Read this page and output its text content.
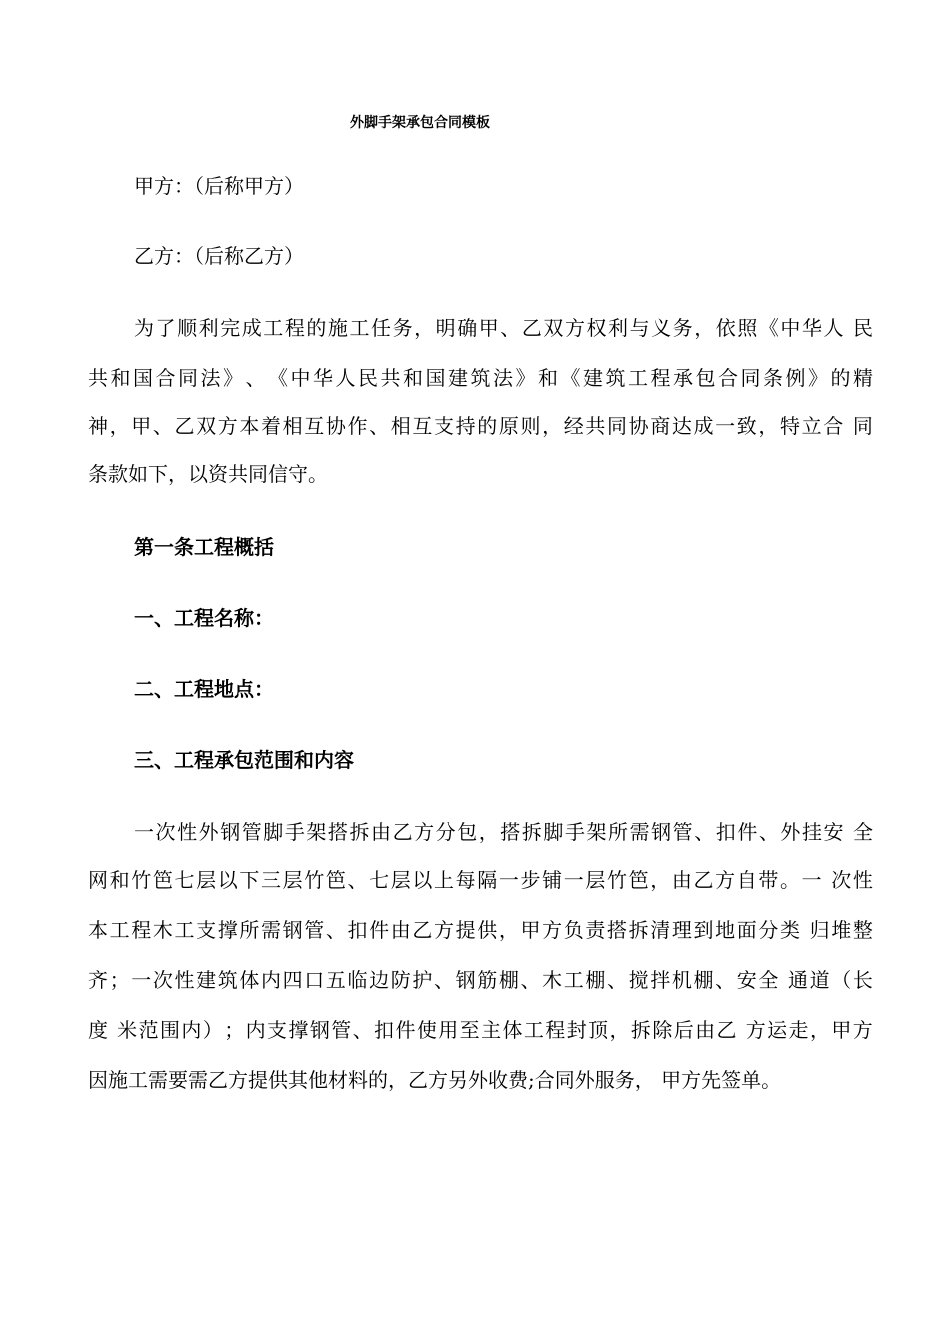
外脚手架承包合同模板
甲方：（后称甲方）
乙方：（后称乙方）
为 了 顺 利 完 成 工 程 的 施 工 任 务 ， 明 确 甲 、 乙 双 方 权 利 与 义 务 ， 依 照 《 中 华 人
民
共 和 国 合 同 法 》 、 《 中 华 人 民 共 和 国 建 筑 法 》 和 《 建 筑 工 程 承 包 合 同 条 例 》 的 精
神 ， 甲 、 乙 双 方 本 着 相 互 协 作 、 相 互 支 持 的 原 则 ， 经 共 同 协 商 达 成 一 致 ， 特 立 合
同
条款如下，以资共同信守。
第一条工程概括
一、工程名称：
二、工程地点：
三、工程承包范围和内容
一 次 性 外 钢 管 脚 手 架 搭 拆 由 乙 方 分 包 ， 搭 拆 脚 手 架 所 需 钢 管 、 扣 件 、 外 挂 安
全
网 和 竹 笆 七 层 以 下 三 层 竹 笆 、 七 层 以 上 每 隔 一 步 铺 一 层 竹 笆 ， 由 乙 方 自 带 。 一
次 性
本 工 程 木 工 支 撑 所 需 钢 管 、 扣 件 由 乙 方 提 供 ， 甲 方 负 责 搭 拆 清 理 到 地 面 分 类
归 堆 整
齐 ； 一 次 性 建 筑 体 内 四 口 五 临 边 防 护 、 钢 筋 棚 、 木 工 棚 、 搅 拌 机 棚 、 安 全
通 道 （ 长
度
米 范 围 内 ） ； 内 支 撑 钢 管 、 扣 件 使 用 至 主 体 工 程 封 顶 ， 拆 除 后 由 乙
方 运 走 ， 甲 方
因施工需要需乙方提供其他材料的，乙方另外收费;合同外服务， 甲方先签单。
